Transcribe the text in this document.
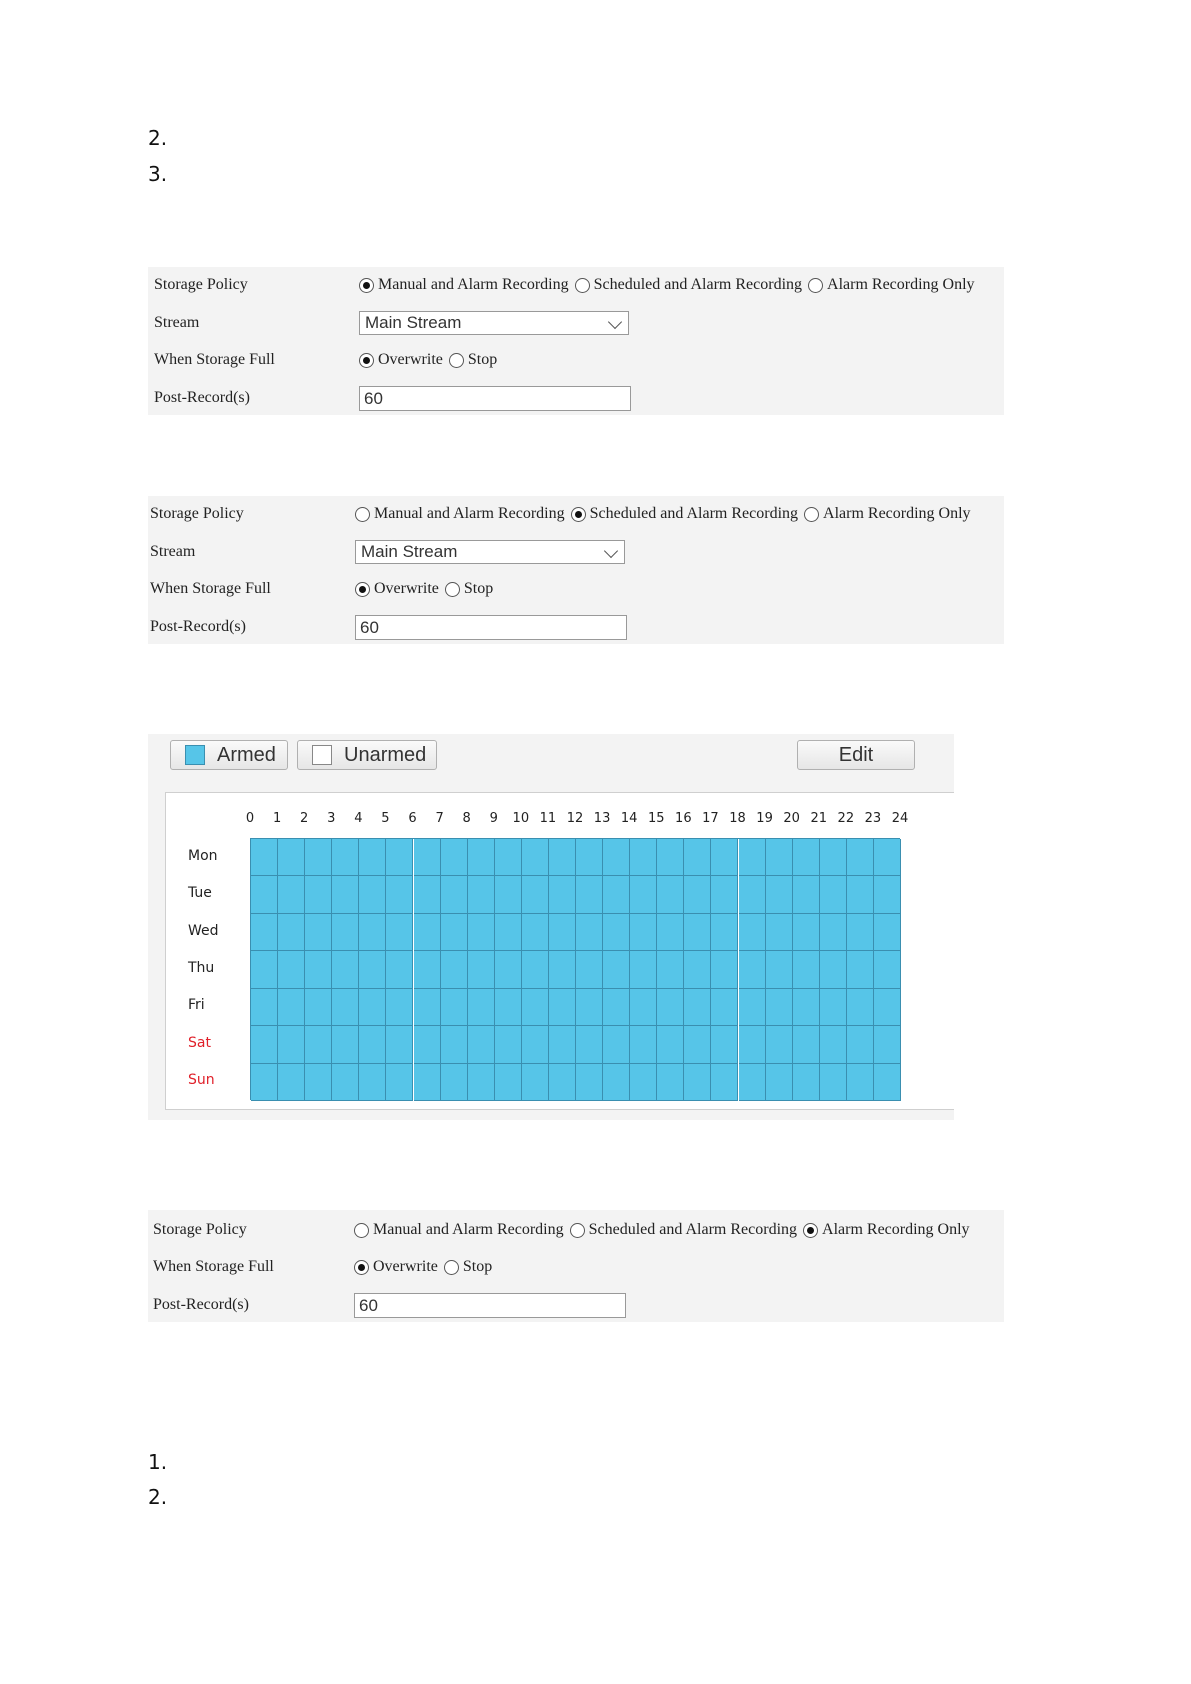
2.
3.
Storage Policy	Manual and Alarm Recording Scheduled and Alarm Recording Alarm Recording Only
Stream	Main Stream
When Storage Full	Overwrite Stop
Post-Record(s)	60
Storage Policy	Manual and Alarm Recording Scheduled and Alarm Recording Alarm Recording Only
Stream	Main Stream
When Storage Full	Overwrite Stop
Post-Record(s)	60
Armed	Unarmed	Edit
0 1 2 3 4 5 6 7 8 9 10 11 12 13 14 15 16 17 18 19 20 21 22 23 24
Mon
Tue
Wed
Thu
Fri
Sat
Sun
Storage Policy	Manual and Alarm Recording Scheduled and Alarm Recording Alarm Recording Only
When Storage Full	Overwrite Stop
Post-Record(s)	60
1.
2.
